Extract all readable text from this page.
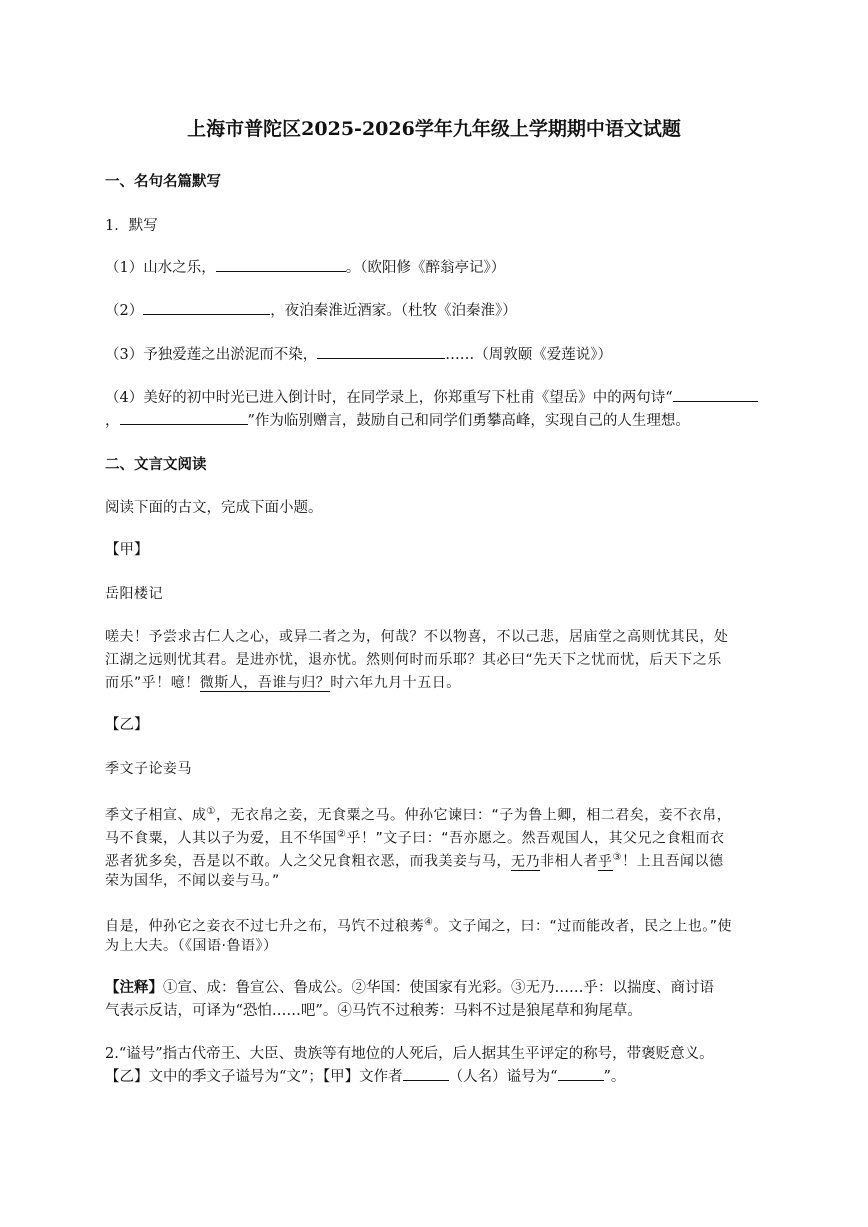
上海市普陀区2025-2026学年九年级上学期期中语文试题
一、名句名篇默写
1．默写
（1）山水之乐，	。（欧阳修《醉翁亭记》）
（2）	，夜泊秦淮近酒家。（杜牧《泊秦淮》）
（3）予独爱莲之出淤泥而不染，	……（周敦颐《爱莲说》）
（4）美好的初中时光已进入倒计时，在同学录上，你郑重写下杜甫《望岳》中的两句诗“
，	”作为临别赠言，鼓励自己和同学们勇攀高峰，实现自己的人生理想。
二、文言文阅读
阅读下面的古文，完成下面小题。
【甲】
岳阳楼记
嗟夫！予尝求古仁人之心，或异二者之为，何哉？不以物喜，不以己悲，居庙堂之高则忧其民，处
江湖之远则忧其君。是进亦忧，退亦忧。然则何时而乐耶？其必曰“先天下之忧而忧，后天下之乐
而乐”乎！噫！微斯人，吾谁与归？时六年九月十五日。
【乙】
季文子论妾马
季文子相宣、成①，无衣帛之妾，无食粟之马。仲孙它谏曰：“子为鲁上卿，相二君矣，妾不衣帛，
马不食粟，人其以子为爱，且不华国②乎！”文子曰：“吾亦愿之。然吾观国人，其父兄之食粗而衣
恶者犹多矣，吾是以不敢。人之父兄食粗衣恶，而我美妾与马，无乃非相人者乎③！上且吾闻以德
荣为国华，不闻以妾与马。”
自是，仲孙它之妾衣不过七升之布，马饩不过稂莠④。文子闻之，曰：“过而能改者，民之上也。”使
为上大夫。（《国语·鲁语》）
【注释】①宣、成：鲁宣公、鲁成公。②华国：使国家有光彩。③无乃……乎：以揣度、商讨语
气表示反诘，可译为“恐怕……吧”。④马饩不过稂莠：马料不过是狼尾草和狗尾草。
2.“谥号”指古代帝王、大臣、贵族等有地位的人死后，后人据其生平评定的称号，带褒贬意义。
【乙】文中的季文子谥号为“文”；【甲】文作者	（人名）谥号为“	”。
